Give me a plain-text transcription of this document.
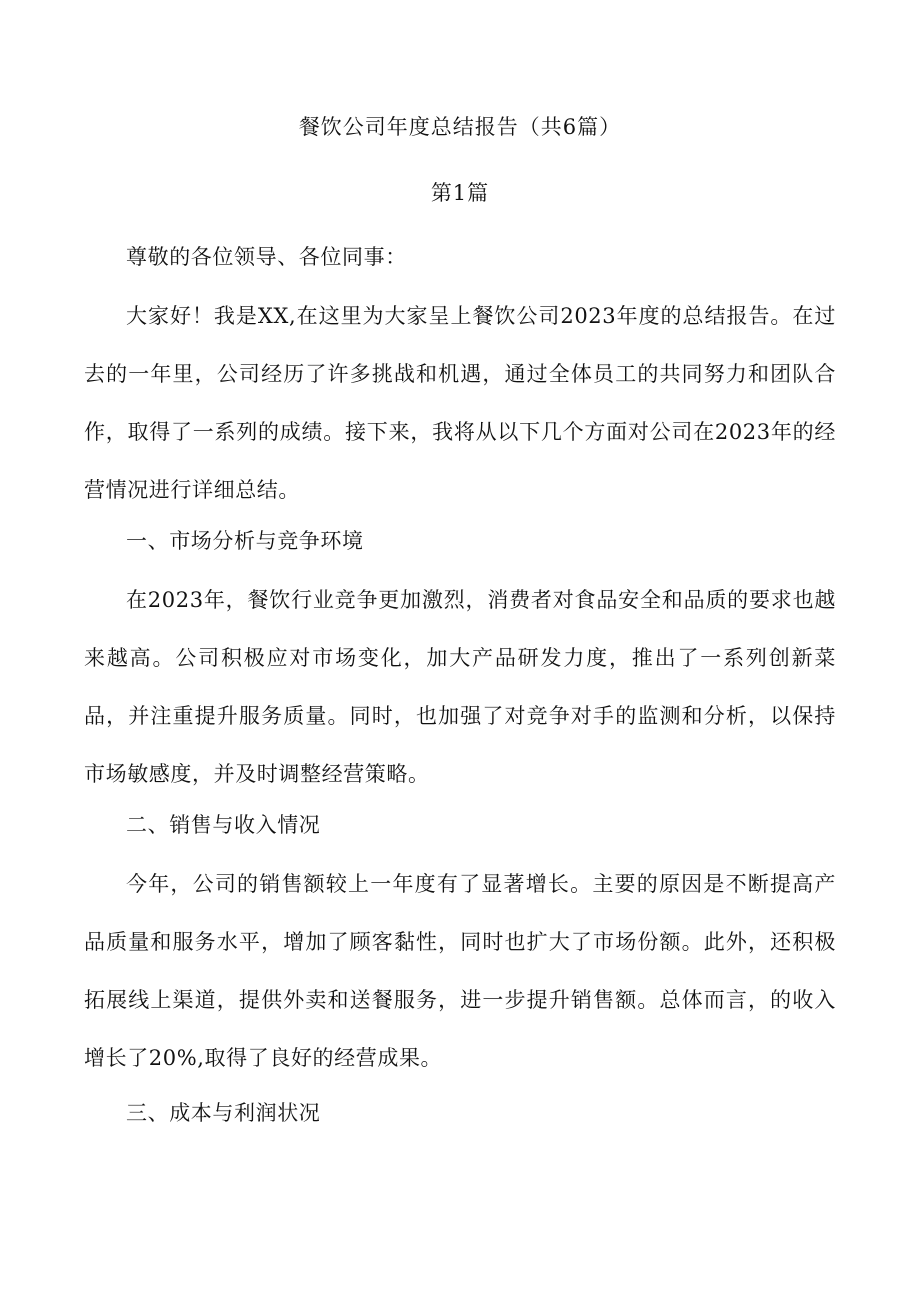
餐饮公司年度总结报告（共6篇）
第1篇

尊敬的各位领导、各位同事：

大家好！我是XX,在这里为大家呈上餐饮公司2023年度的总结报告。在过去的一年里，公司经历了许多挑战和机遇，通过全体员工的共同努力和团队合作，取得了一系列的成绩。接下来，我将从以下几个方面对公司在2023年的经营情况进行详细总结。

一、市场分析与竞争环境

在2023年，餐饮行业竞争更加激烈，消费者对食品安全和品质的要求也越来越高。公司积极应对市场变化，加大产品研发力度，推出了一系列创新菜品，并注重提升服务质量。同时，也加强了对竞争对手的监测和分析，以保持市场敏感度，并及时调整经营策略。

二、销售与收入情况

今年，公司的销售额较上一年度有了显著增长。主要的原因是不断提高产品质量和服务水平，增加了顾客黏性，同时也扩大了市场份额。此外，还积极拓展线上渠道，提供外卖和送餐服务，进一步提升销售额。总体而言，的收入增长了20%,取得了良好的经营成果。

三、成本与利润状况
